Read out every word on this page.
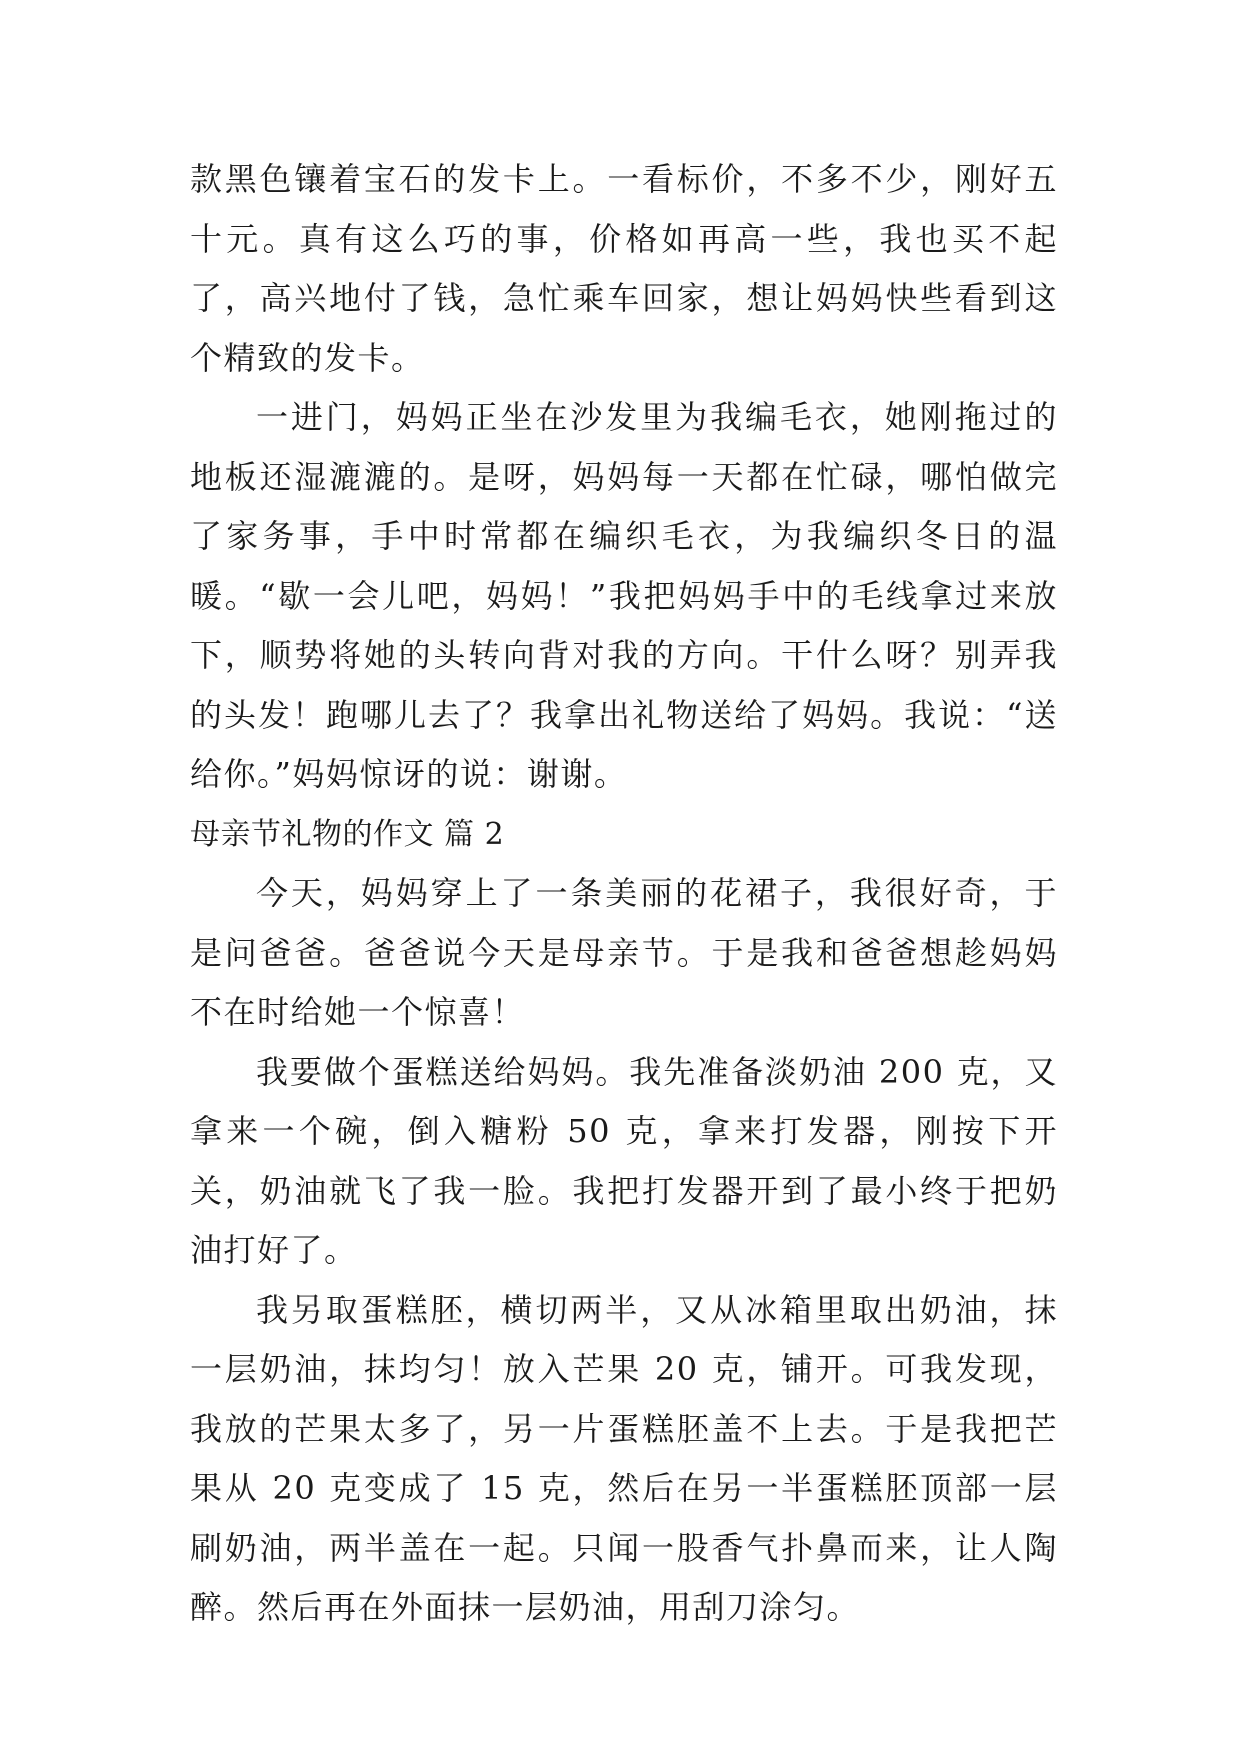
款黑色镶着宝石的发卡上。一看标价，不多不少，刚好五十元。真有这么巧的事，价格如再高一些，我也买不起了，高兴地付了钱，急忙乘车回家，想让妈妈快些看到这个精致的发卡。

一进门，妈妈正坐在沙发里为我编毛衣，她刚拖过的地板还湿漉漉的。是呀，妈妈每一天都在忙碌，哪怕做完了家务事，手中时常都在编织毛衣，为我编织冬日的温暖。“歇一会儿吧，妈妈！”我把妈妈手中的毛线拿过来放下，顺势将她的头转向背对我的方向。干什么呀？别弄我的头发！跑哪儿去了？我拿出礼物送给了妈妈。我说：“送给你。”妈妈惊讶的说：谢谢。

母亲节礼物的作文 篇 2

今天，妈妈穿上了一条美丽的花裙子，我很好奇，于是问爸爸。爸爸说今天是母亲节。于是我和爸爸想趁妈妈不在时给她一个惊喜！

我要做个蛋糕送给妈妈。我先准备淡奶油 200 克，又拿来一个碗，倒入糖粉 50 克，拿来打发器，刚按下开关，奶油就飞了我一脸。我把打发器开到了最小终于把奶油打好了。

我另取蛋糕胚，横切两半，又从冰箱里取出奶油，抹一层奶油，抹均匀！放入芒果 20 克，铺开。可我发现，我放的芒果太多了，另一片蛋糕胚盖不上去。于是我把芒果从 20 克变成了 15 克，然后在另一半蛋糕胚顶部一层刷奶油，两半盖在一起。只闻一股香气扑鼻而来，让人陶醉。然后再在外面抹一层奶油，用刮刀涂匀。
